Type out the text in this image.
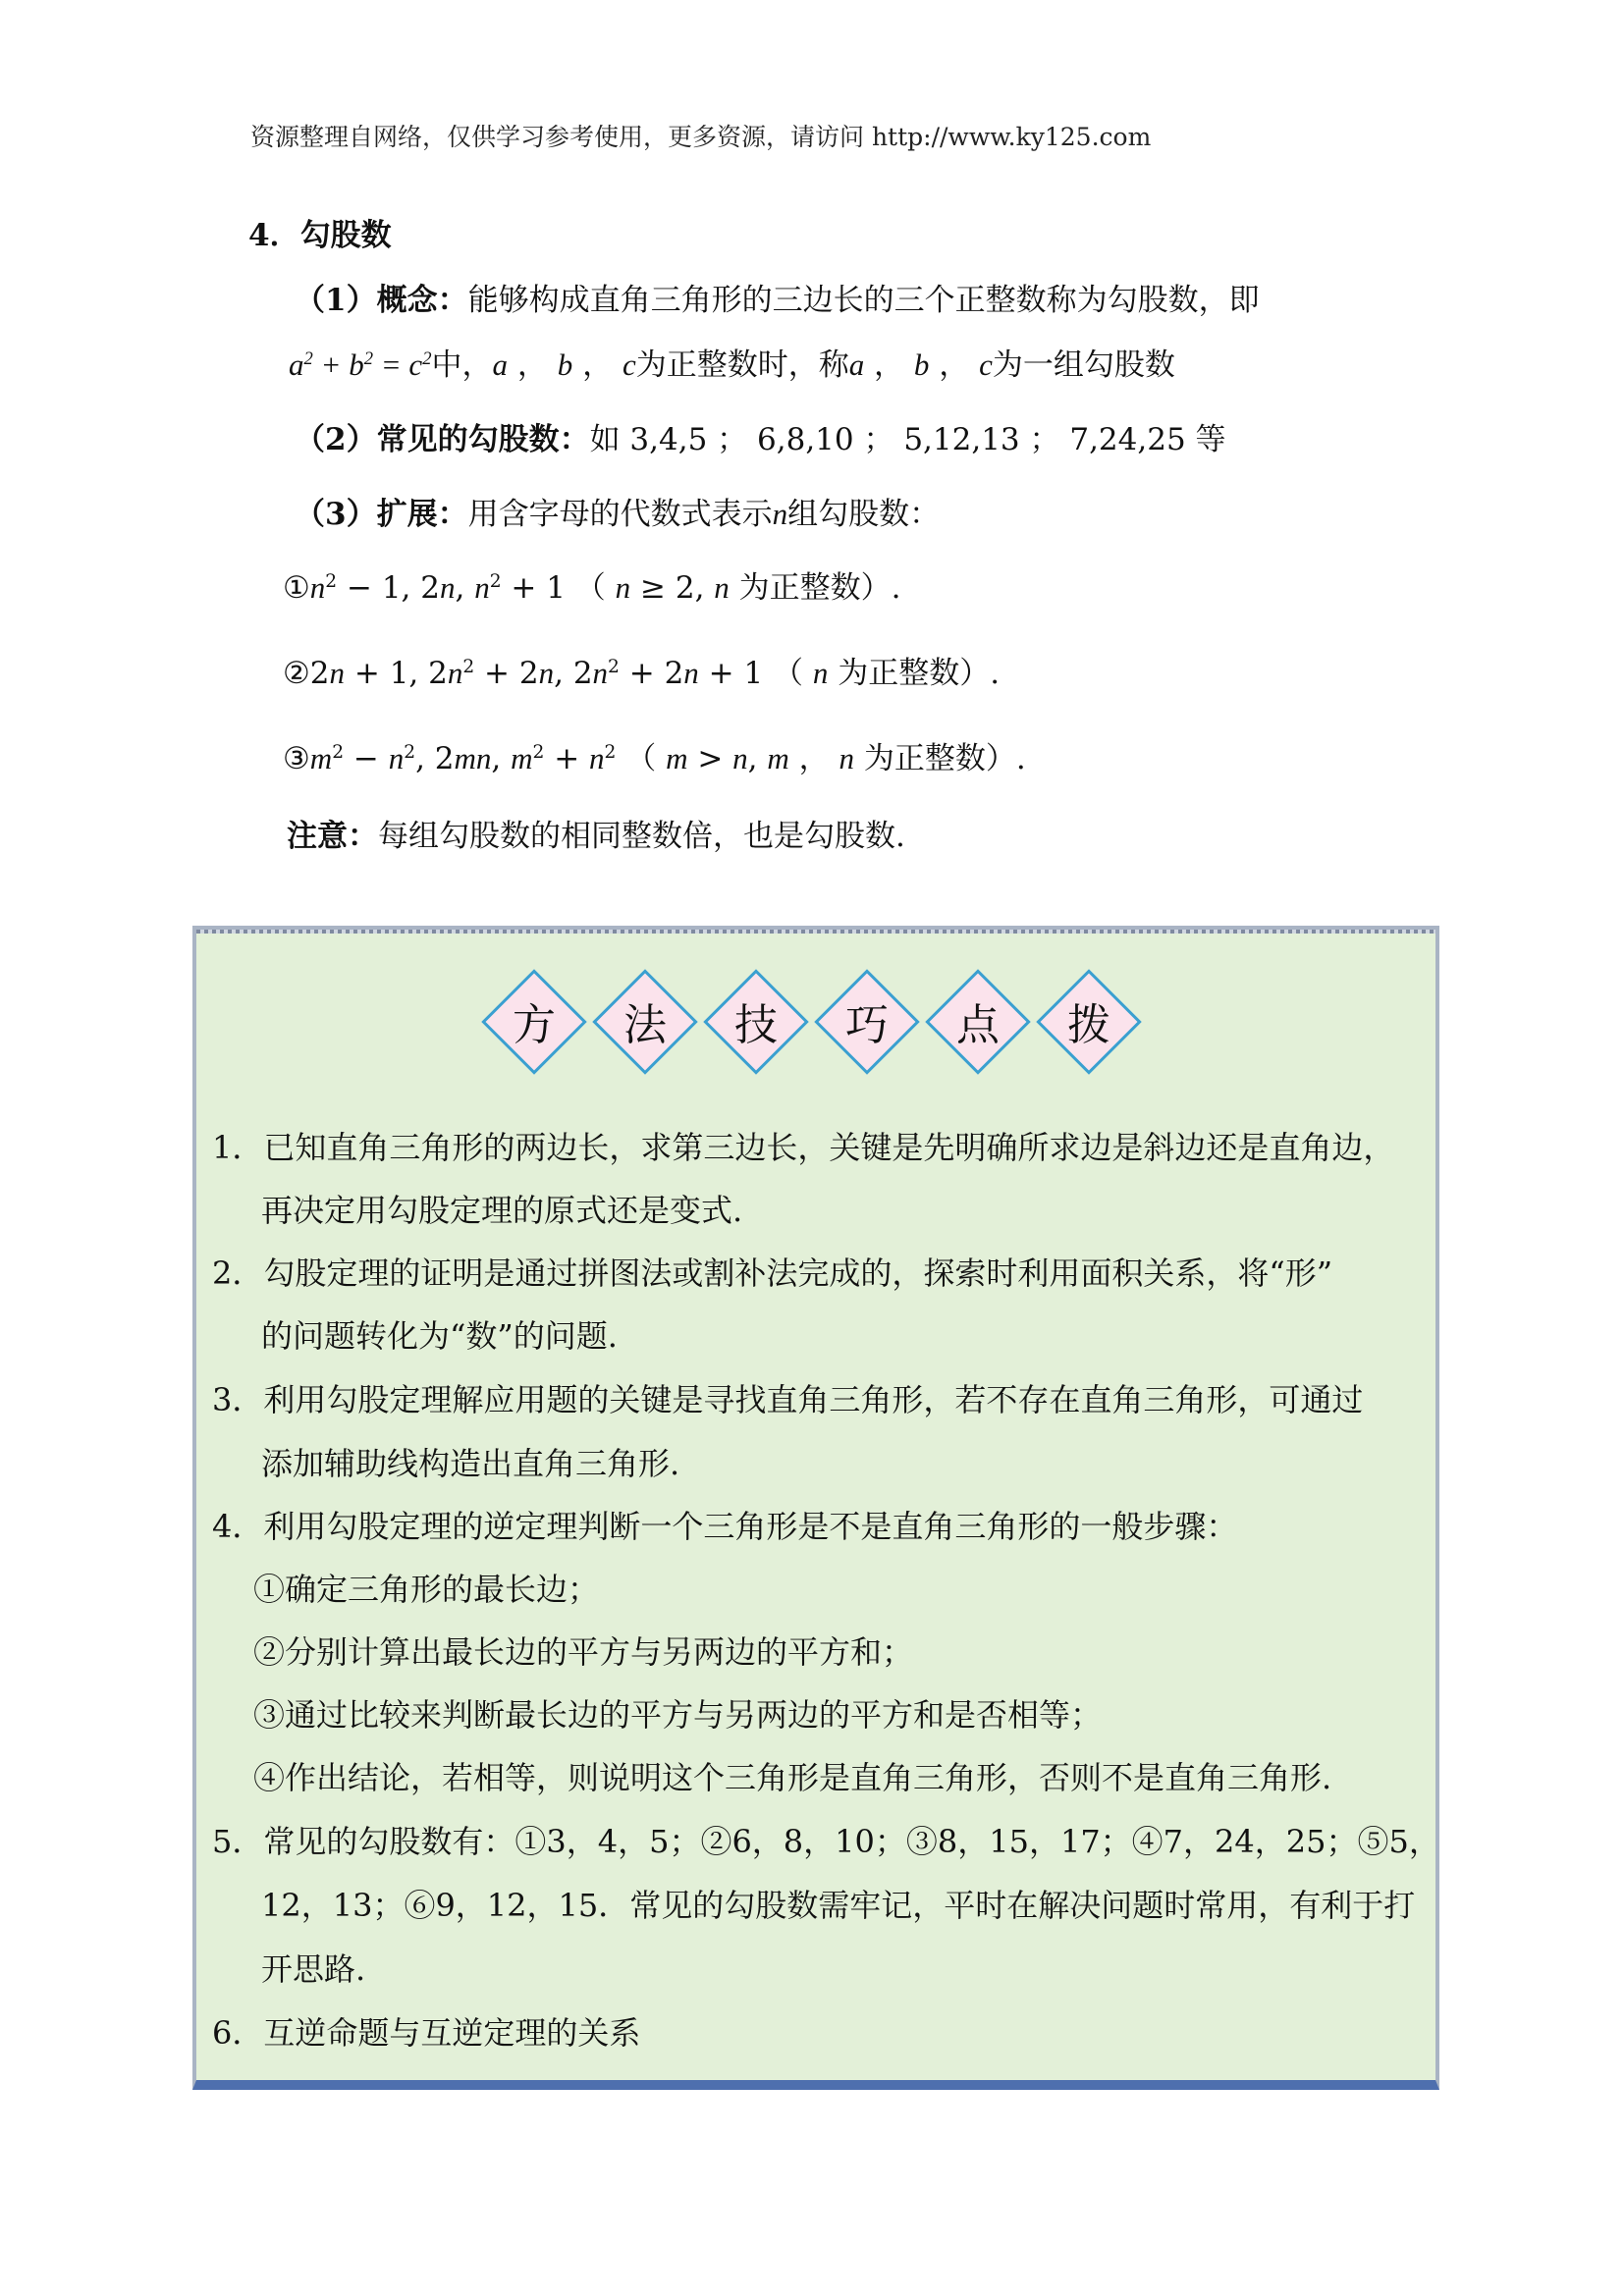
资源整理自网络，仅供学习参考使用，更多资源，请访问 http://www.ky125.com
4．勾股数
（1）概念：能够构成直角三角形的三边长的三个正整数称为勾股数，即
$a^2 + b^2 = c^2$中，a ， b ， c为正整数时，称a ， b ， c为一组勾股数
（2）常见的勾股数：如 3,4,5 ； 6,8,10 ； 5,12,13 ； 7,24,25 等
（3）扩展：用含字母的代数式表示n组勾股数：
$①n^2 - 1$, 2n, $n^2 + 1$ （ n ≥ 2, n 为正整数）.
②2n + 1, $2n^2 + 2n$, $2n^2 + 2n + 1$ （ n 为正整数）.
$③m^2 - n^2$, 2mn, $m^2 + n^2$ （ m > n, m ， n 为正整数）.
注意：每组勾股数的相同整数倍，也是勾股数.
方	法	技	巧	点	拨
1．已知直角三角形的两边长，求第三边长，关键是先明确所求边是斜边还是直角边，
再决定用勾股定理的原式还是变式.
2．勾股定理的证明是通过拼图法或割补法完成的，探索时利用面积关系，将“形”
的问题转化为“数”的问题.
3．利用勾股定理解应用题的关键是寻找直角三角形，若不存在直角三角形，可通过
添加辅助线构造出直角三角形.
4．利用勾股定理的逆定理判断一个三角形是不是直角三角形的一般步骤：
①确定三角形的最长边；
②分别计算出最长边的平方与另两边的平方和；
③通过比较来判断最长边的平方与另两边的平方和是否相等；
④作出结论，若相等，则说明这个三角形是直角三角形，否则不是直角三角形.
5．常见的勾股数有：①3，4，5；②6，8，10；③8，15，17；④7，24，25；⑤5，
12，13；⑥9，12，15．常见的勾股数需牢记，平时在解决问题时常用，有利于打
开思路.
6．互逆命题与互逆定理的关系
